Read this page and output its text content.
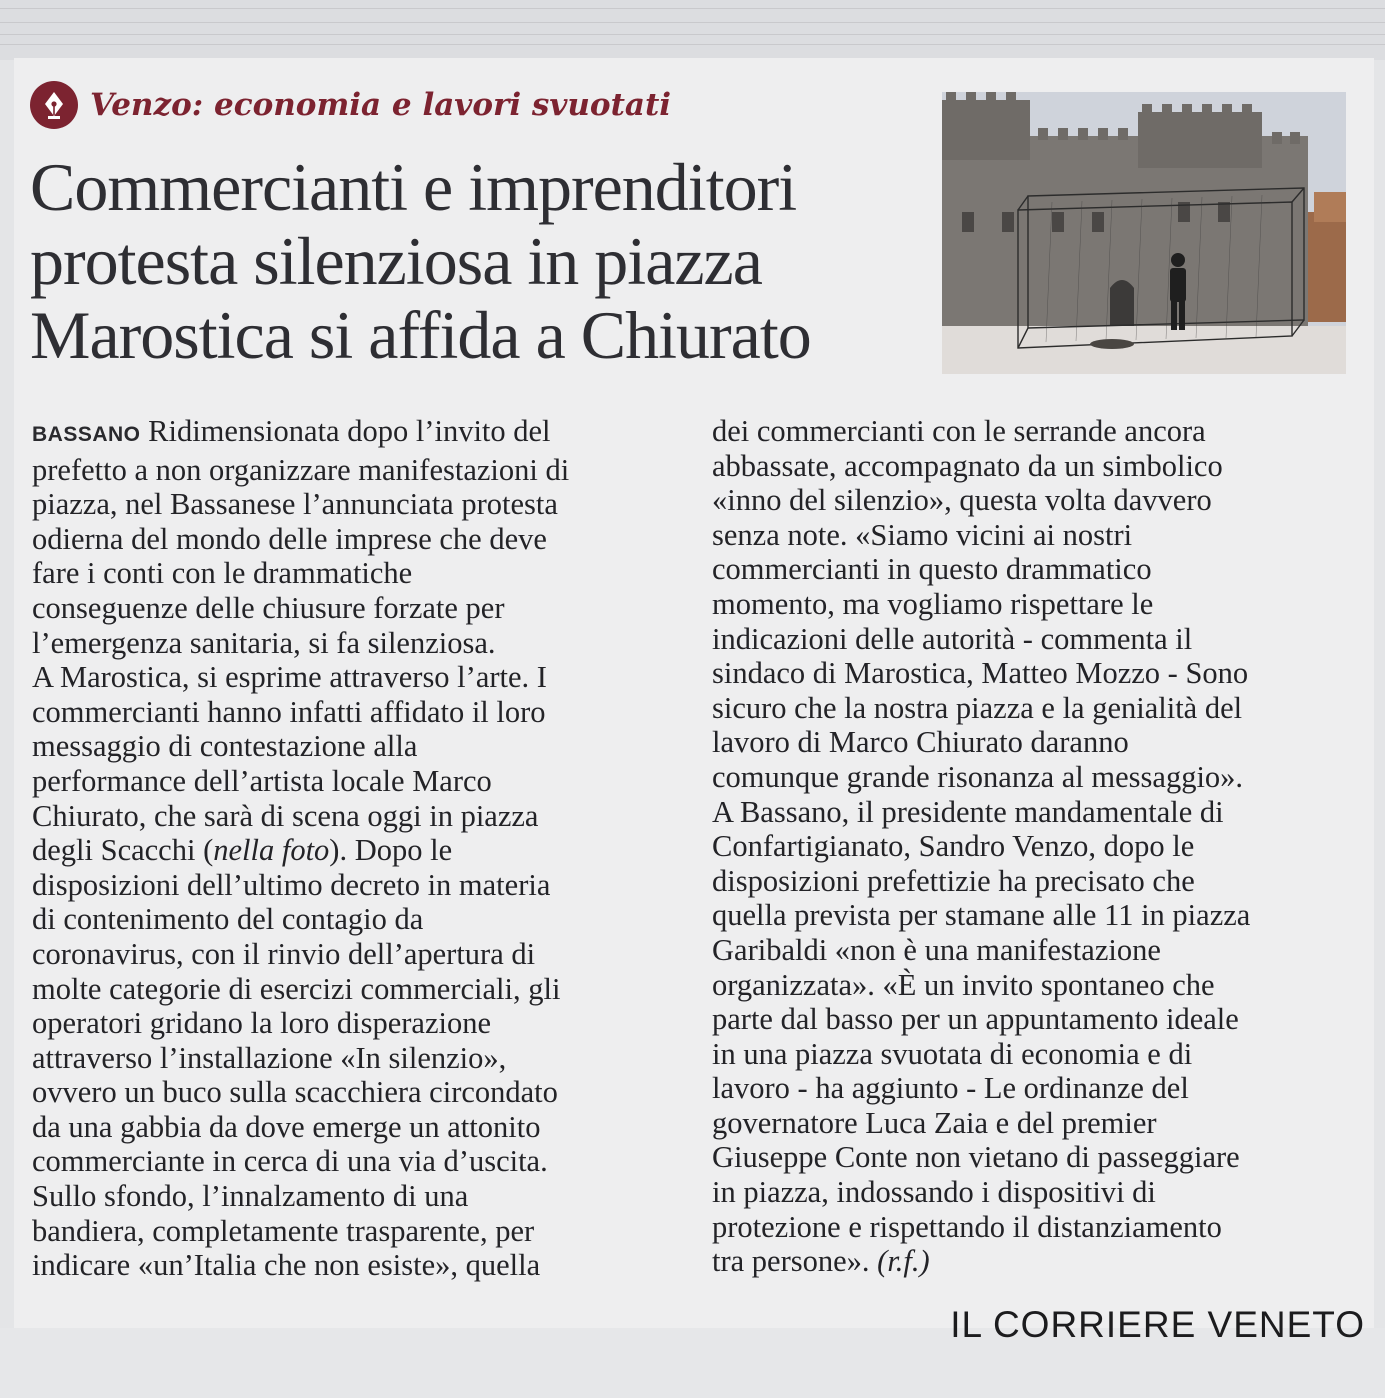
Venzo: economia e lavori svuotati
Commercianti e imprenditori
protesta silenziosa in piazza
Marostica si affida a Chiurato
BASSANO Ridimensionata dopo l’invito del
prefetto a non organizzare manifestazioni di
piazza, nel Bassanese l’annunciata protesta
odierna del mondo delle imprese che deve
fare i conti con le drammatiche
conseguenze delle chiusure forzate per
l’emergenza sanitaria, si fa silenziosa.
A Marostica, si esprime attraverso l’arte. I
commercianti hanno infatti affidato il loro
messaggio di contestazione alla
performance dell’artista locale Marco
Chiurato, che sarà di scena oggi in piazza
degli Scacchi (nella foto). Dopo le
disposizioni dell’ultimo decreto in materia
di contenimento del contagio da
coronavirus, con il rinvio dell’apertura di
molte categorie di esercizi commerciali, gli
operatori gridano la loro disperazione
attraverso l’installazione «In silenzio»,
ovvero un buco sulla scacchiera circondato
da una gabbia da dove emerge un attonito
commerciante in cerca di una via d’uscita.
Sullo sfondo, l’innalzamento di una
bandiera, completamente trasparente, per
indicare «un’Italia che non esiste», quella
dei commercianti con le serrande ancora
abbassate, accompagnato da un simbolico
«inno del silenzio», questa volta davvero
senza note. «Siamo vicini ai nostri
commercianti in questo drammatico
momento, ma vogliamo rispettare le
indicazioni delle autorità - commenta il
sindaco di Marostica, Matteo Mozzo - Sono
sicuro che la nostra piazza e la genialità del
lavoro di Marco Chiurato daranno
comunque grande risonanza al messaggio».
A Bassano, il presidente mandamentale di
Confartigianato, Sandro Venzo, dopo le
disposizioni prefettizie ha precisato che
quella prevista per stamane alle 11 in piazza
Garibaldi «non è una manifestazione
organizzata». «È un invito spontaneo che
parte dal basso per un appuntamento ideale
in una piazza svuotata di economia e di
lavoro - ha aggiunto - Le ordinanze del
governatore Luca Zaia e del premier
Giuseppe Conte non vietano di passeggiare
in piazza, indossando i dispositivi di
protezione e rispettando il distanziamento
tra persone». (r.f.)
IL CORRIERE VENETO
